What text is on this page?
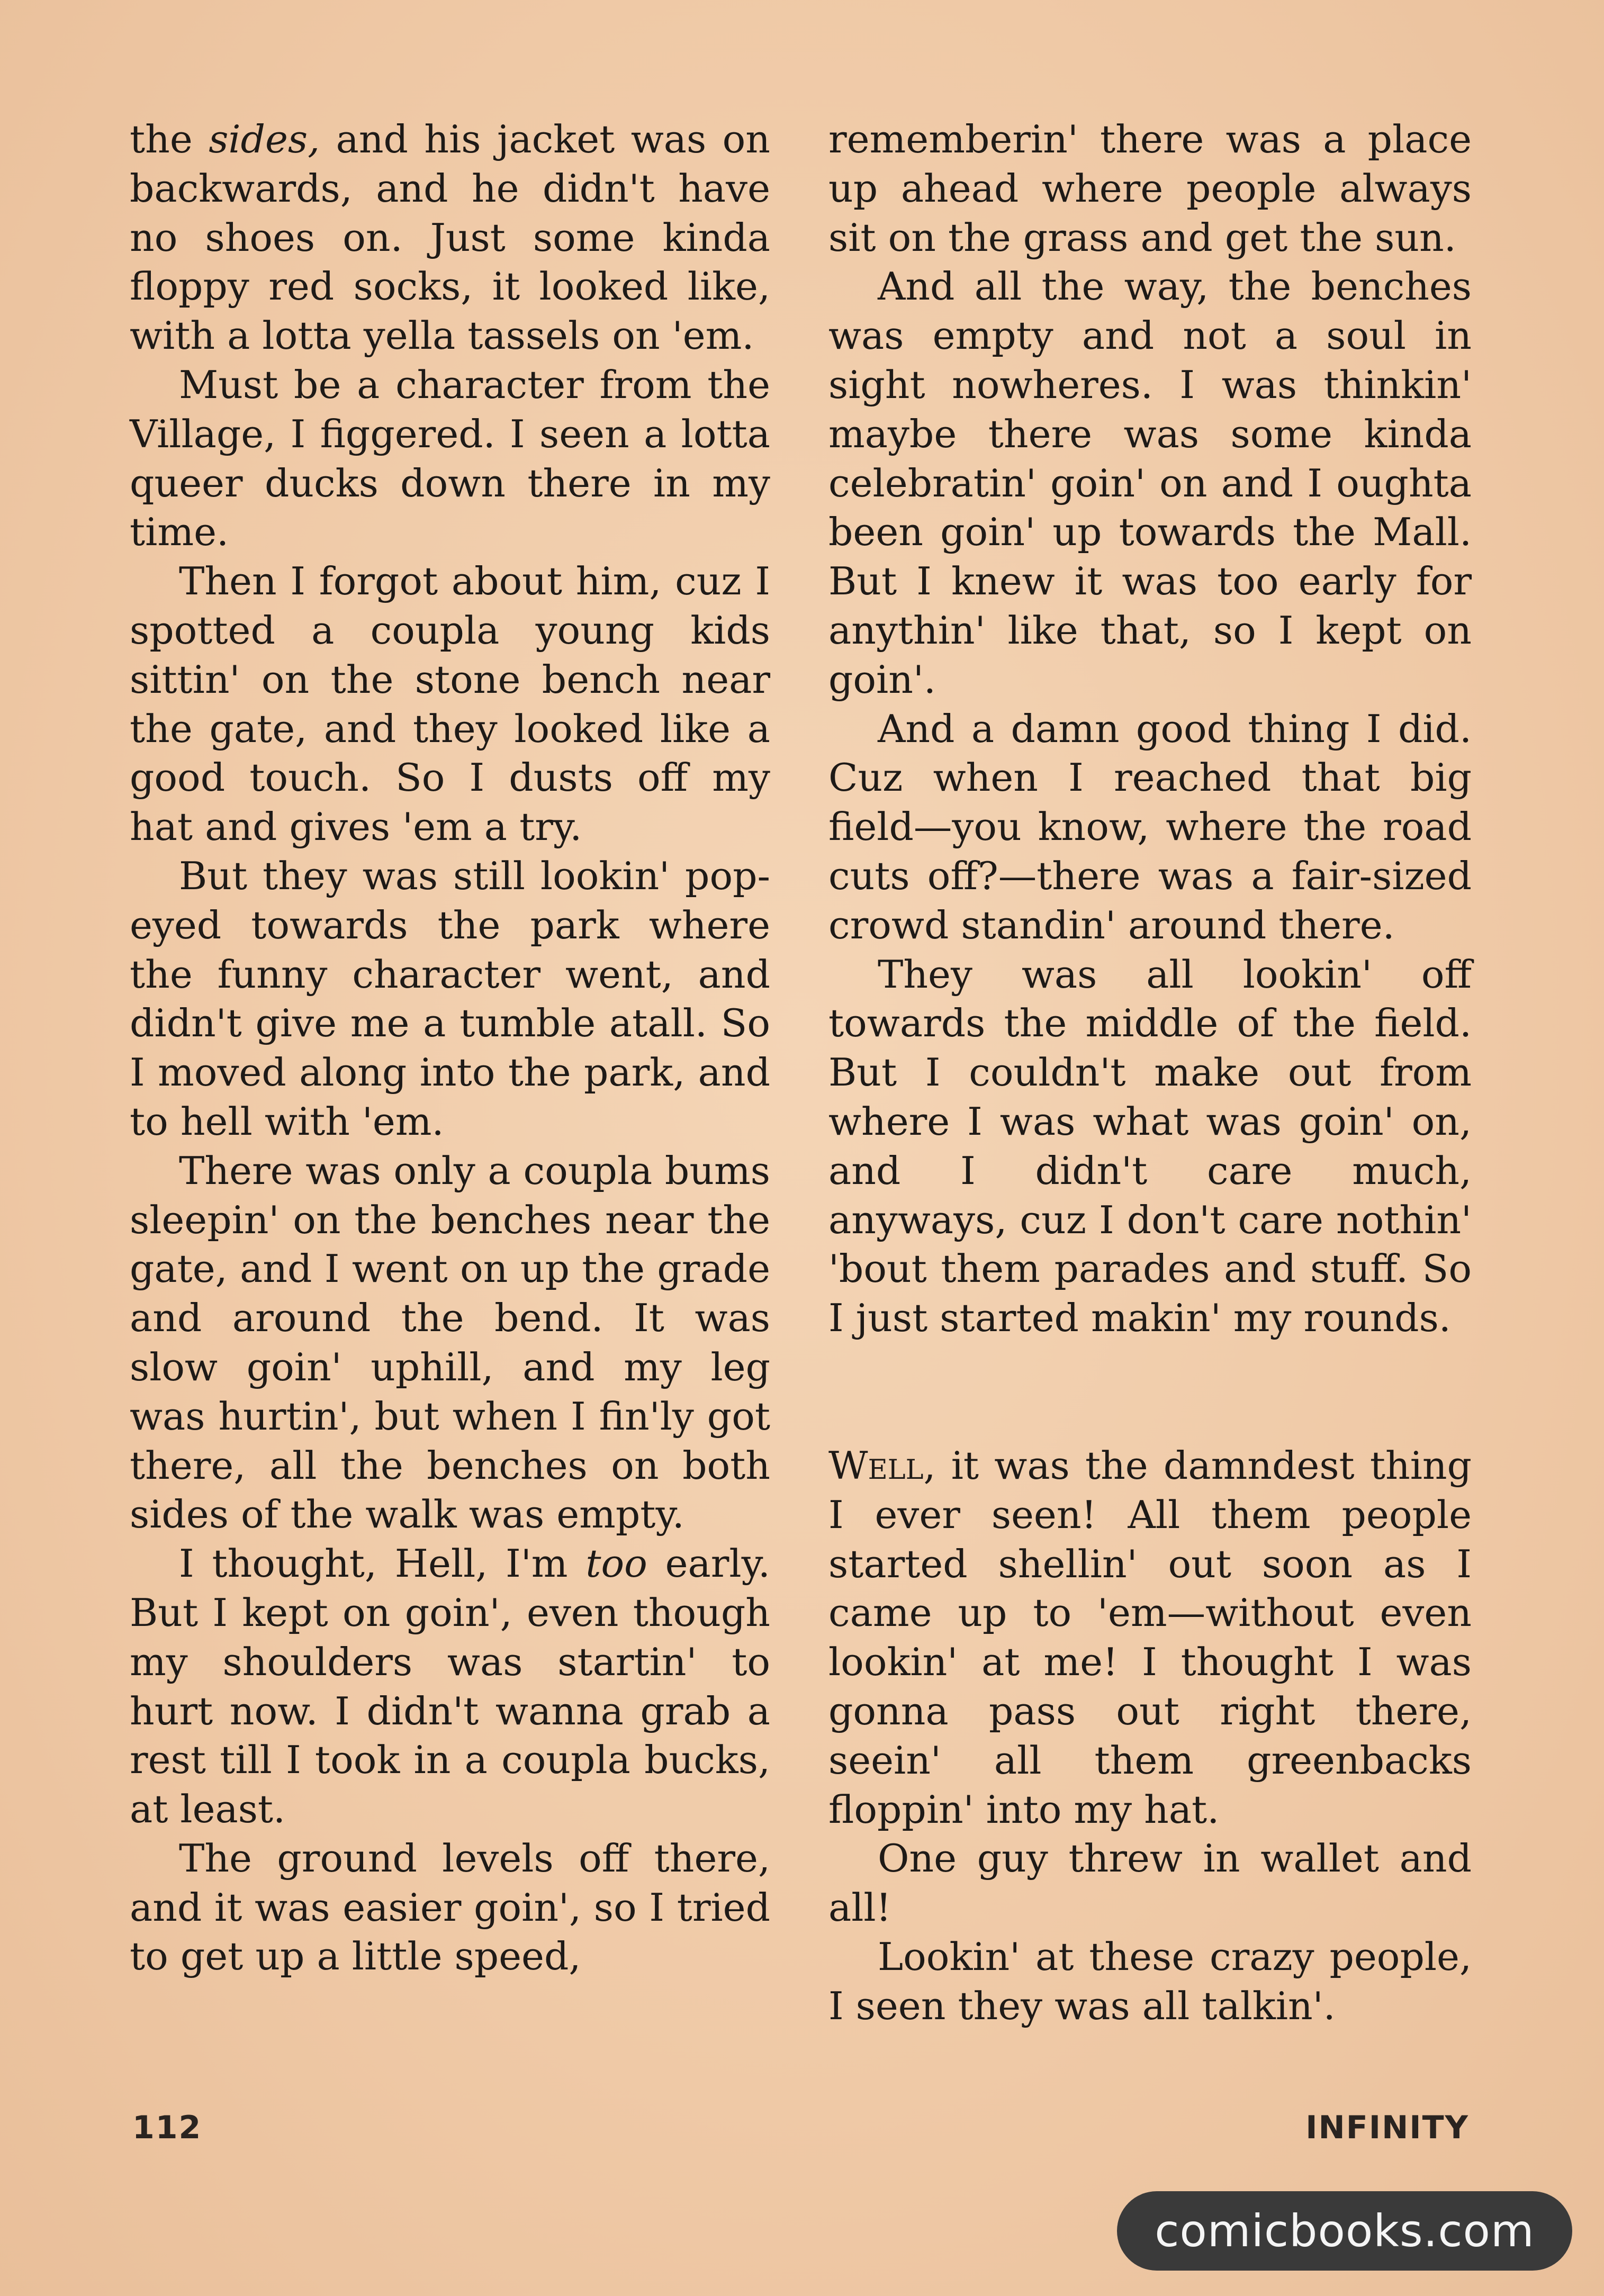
the sides, and his jacket was on backwards, and he didn't have no shoes on. Just some kinda floppy red socks, it looked like, with a lotta yella tassels on 'em.

Must be a character from the Village, I figgered. I seen a lotta queer ducks down there in my time.

Then I forgot about him, cuz I spotted a coupla young kids sittin' on the stone bench near the gate, and they looked like a good touch. So I dusts off my hat and gives 'em a try.

But they was still lookin' pop-eyed towards the park where the funny character went, and didn't give me a tumble atall. So I moved along into the park, and to hell with 'em.

There was only a coupla bums sleepin' on the benches near the gate, and I went on up the grade and around the bend. It was slow goin' uphill, and my leg was hurtin', but when I fin'ly got there, all the benches on both sides of the walk was empty.

I thought, Hell, I'm too early. But I kept on goin', even though my shoulders was startin' to hurt now. I didn't wanna grab a rest till I took in a coupla bucks, at least.

The ground levels off there, and it was easier goin', so I tried to get up a little speed,

rememberin' there was a place up ahead where people always sit on the grass and get the sun.

And all the way, the benches was empty and not a soul in sight nowheres. I was thinkin' maybe there was some kinda celebratin' goin' on and I oughta been goin' up towards the Mall. But I knew it was too early for anythin' like that, so I kept on goin'.

And a damn good thing I did. Cuz when I reached that big field—you know, where the road cuts off?—there was a fair-sized crowd standin' around there.

They was all lookin' off towards the middle of the field. But I couldn't make out from where I was what was goin' on, and I didn't care much, anyways, cuz I don't care nothin' 'bout them parades and stuff. So I just started makin' my rounds.

Well, it was the damndest thing I ever seen! All them people started shellin' out soon as I came up to 'em—without even lookin' at me! I thought I was gonna pass out right there, seein' all them greenbacks floppin' into my hat.

One guy threw in wallet and all!

Lookin' at these crazy people, I seen they was all talkin'.

112	INFINITY
comicbooks.com
